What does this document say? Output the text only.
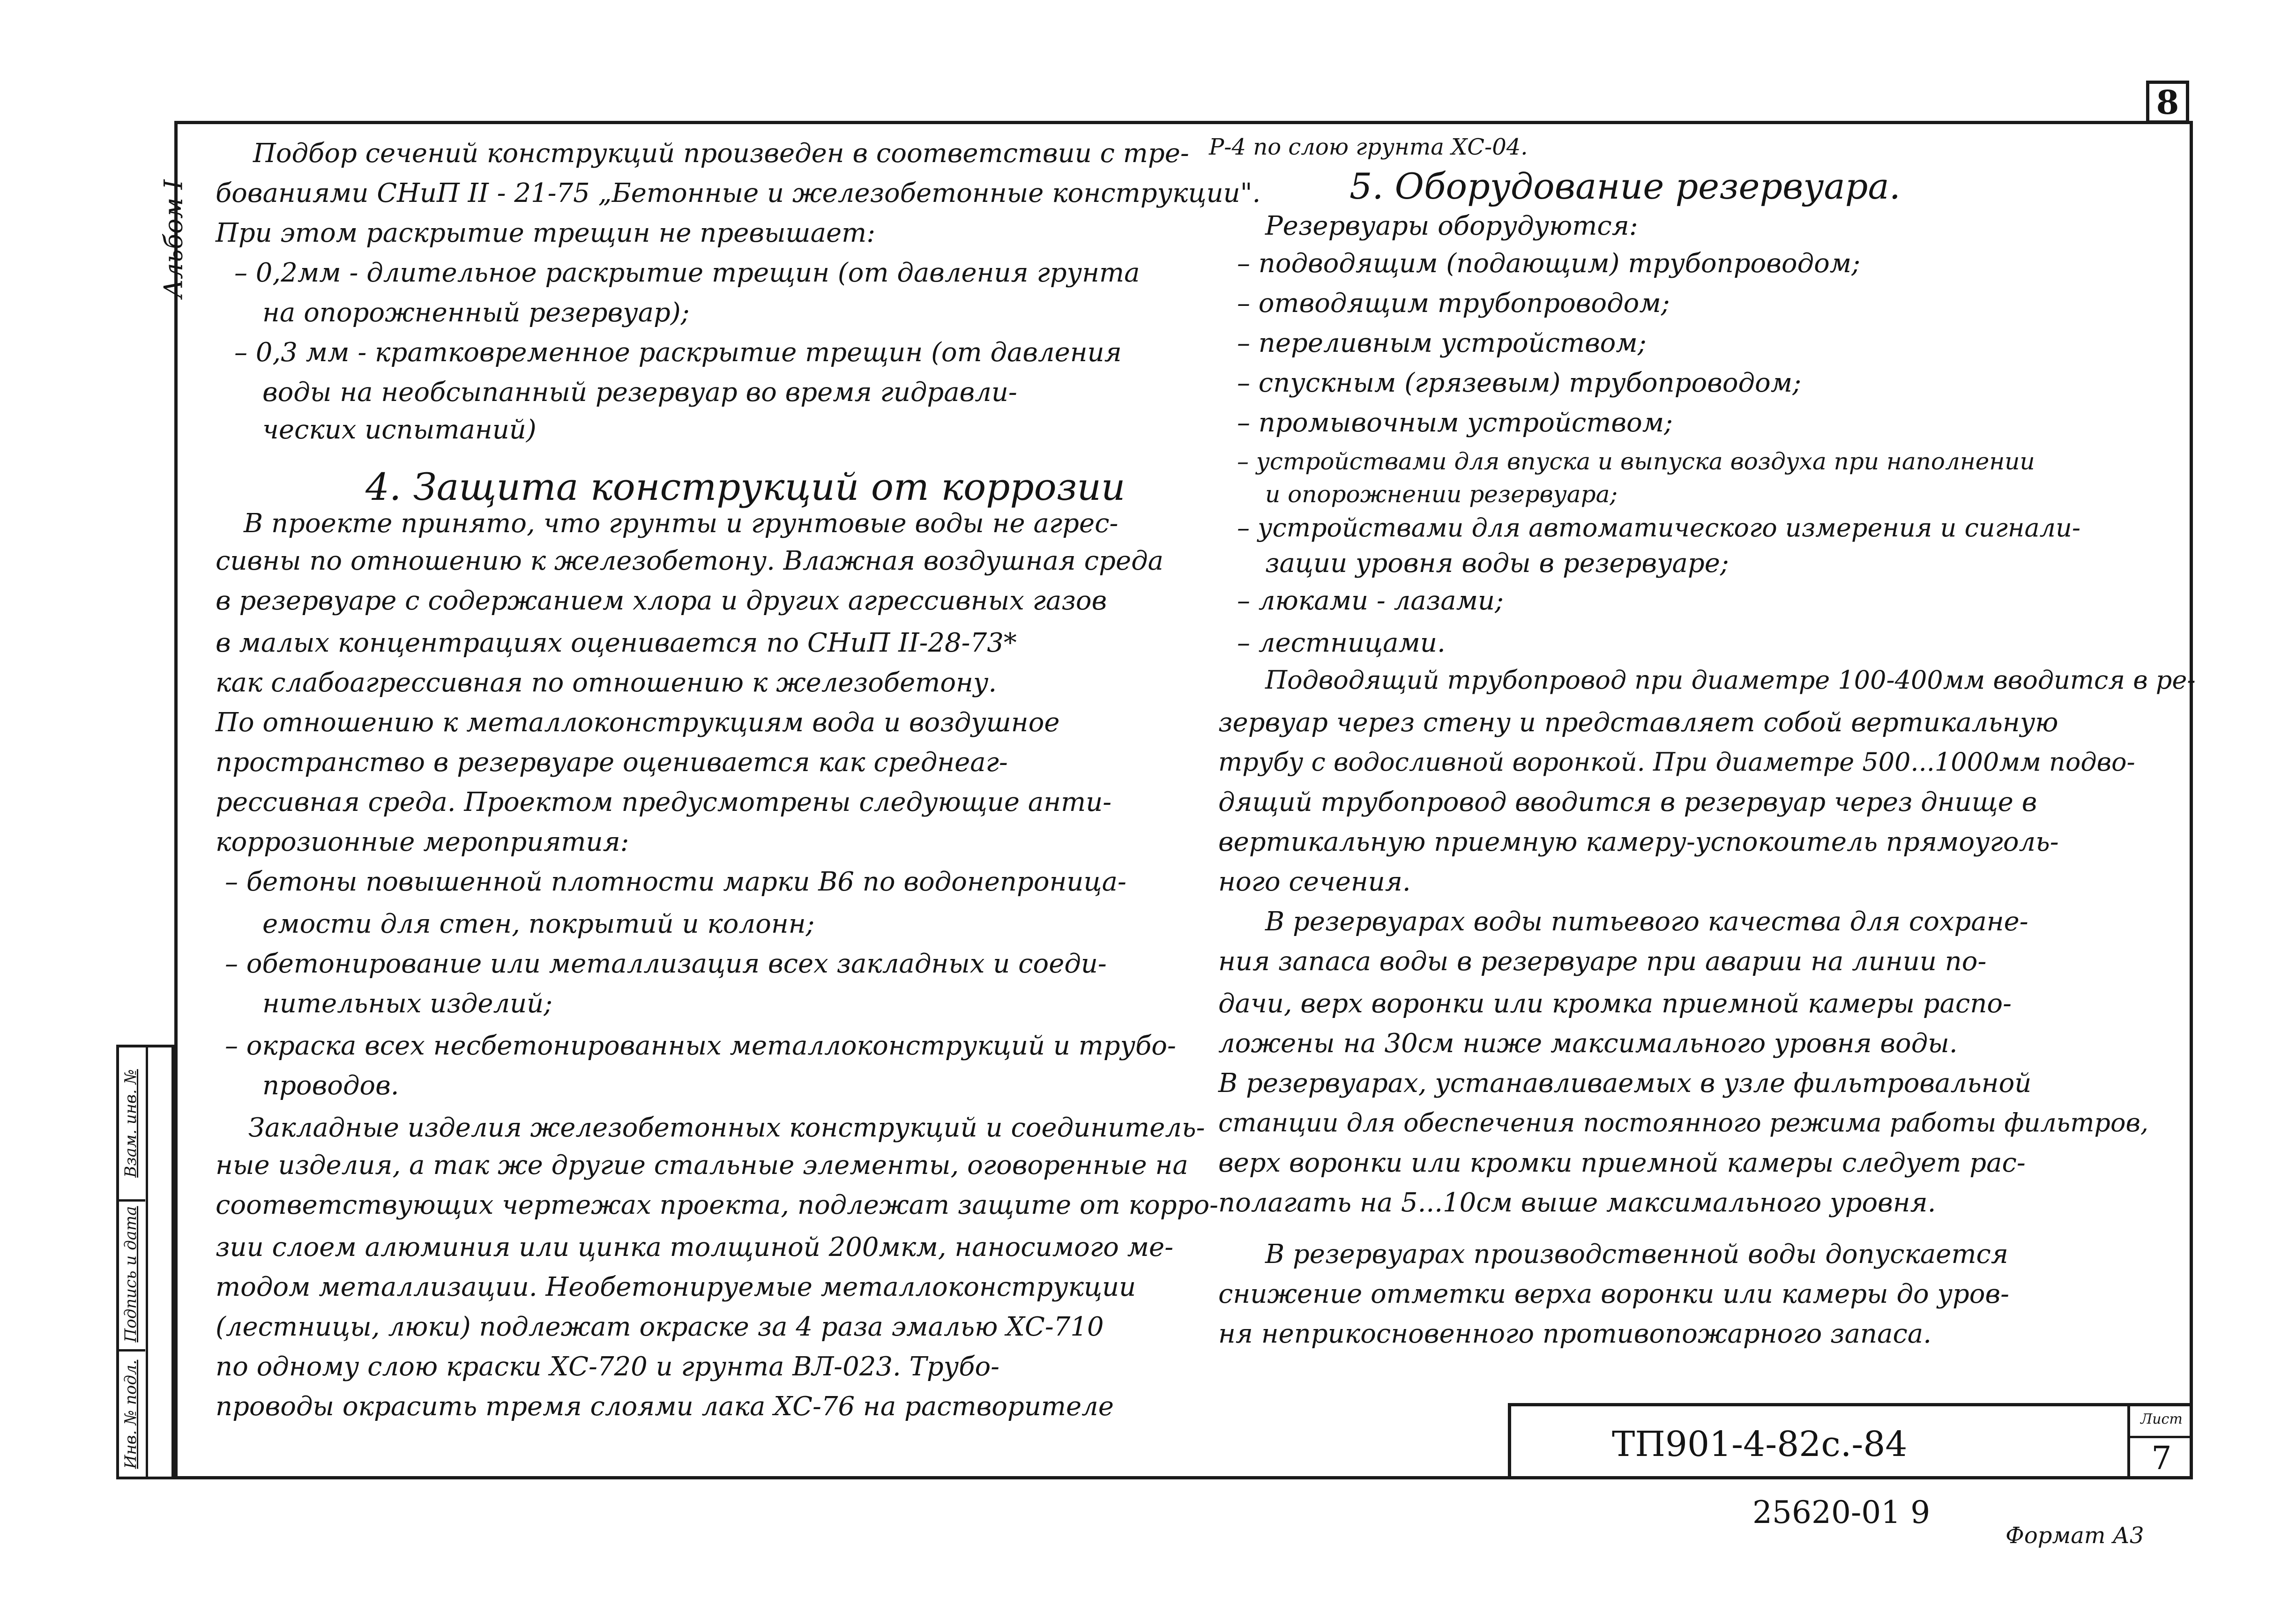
8
Альбом I
Инв. № подл.
Подпись и дата
Взам. инв. №
Подбор сечений конструкций произведен в соответствии с тре-
бованиями СНиП II - 21-75 „Бетонные и железобетонные конструкции".
При этом раскрытие трещин не превышает:
– 0,2мм - длительное раскрытие трещин (от давления грунта
на опорожненный резервуар);
– 0,3 мм - кратковременное раскрытие трещин (от давления
воды на необсыпанный резервуар во время гидравли-
ческих испытаний)
4. Защита конструкций от коррозии
В проекте принято, что грунты и грунтовые воды не агрес-
сивны по отношению к железобетону. Влажная воздушная среда
в резервуаре с содержанием хлора и других агрессивных газов
в малых концентрациях оценивается по СНиП II-28-73*
как слабоагрессивная по отношению к железобетону.
По отношению к металлоконструкциям вода и воздушное
пространство в резервуаре оценивается как среднеаг-
рессивная среда. Проектом предусмотрены следующие анти-
коррозионные мероприятия:
– бетоны повышенной плотности марки В6 по водонепроница-
емости для стен, покрытий и колонн;
– обетонирование или металлизация всех закладных и соеди-
нительных изделий;
– окраска всех несбетонированных металлоконструкций и трубо-
проводов.
Закладные изделия железобетонных конструкций и соединитель-
ные изделия, а так же другие стальные элементы, оговоренные на
соответствующих чертежах проекта, подлежат защите от корро-
зии слоем алюминия или цинка толщиной 200мкм, наносимого ме-
тодом металлизации. Необетонируемые металлоконструкции
(лестницы, люки) подлежат окраске за 4 раза эмалью ХС-710
по одному слою краски ХС-720 и грунта ВЛ-023. Трубо-
проводы окрасить тремя слоями лака ХС-76 на растворителе
Р-4 по слою грунта ХС-04.
5. Оборудование резервуара.
Резервуары оборудуются:
– подводящим (подающим) трубопроводом;
– отводящим трубопроводом;
– переливным устройством;
– спускным (грязевым) трубопроводом;
– промывочным устройством;
– устройствами для впуска и выпуска воздуха при наполнении
и опорожнении резервуара;
– устройствами для автоматического измерения и сигнали-
зации уровня воды в резервуаре;
– люками - лазами;
– лестницами.
Подводящий трубопровод при диаметре 100-400мм вводится в ре-
зервуар через стену и представляет собой вертикальную
трубу с водосливной воронкой. При диаметре 500...1000мм подво-
дящий трубопровод вводится в резервуар через днище в
вертикальную приемную камеру-успокоитель прямоуголь-
ного сечения.
В резервуарах воды питьевого качества для сохране-
ния запаса воды в резервуаре при аварии на линии по-
дачи, верх воронки или кромка приемной камеры распо-
ложены на 30см ниже максимального уровня воды.
В резервуарах, устанавливаемых в узле фильтровальной
станции для обеспечения постоянного режима работы фильтров,
верх воронки или кромки приемной камеры следует рас-
полагать на 5...10см выше максимального уровня.
В резервуарах производственной воды допускается
снижение отметки верха воронки или камеры до уров-
ня неприкосновенного противопожарного запаса.
ТП901-4-82с.-84
Лист
7
25620-01 9
Формат А3
